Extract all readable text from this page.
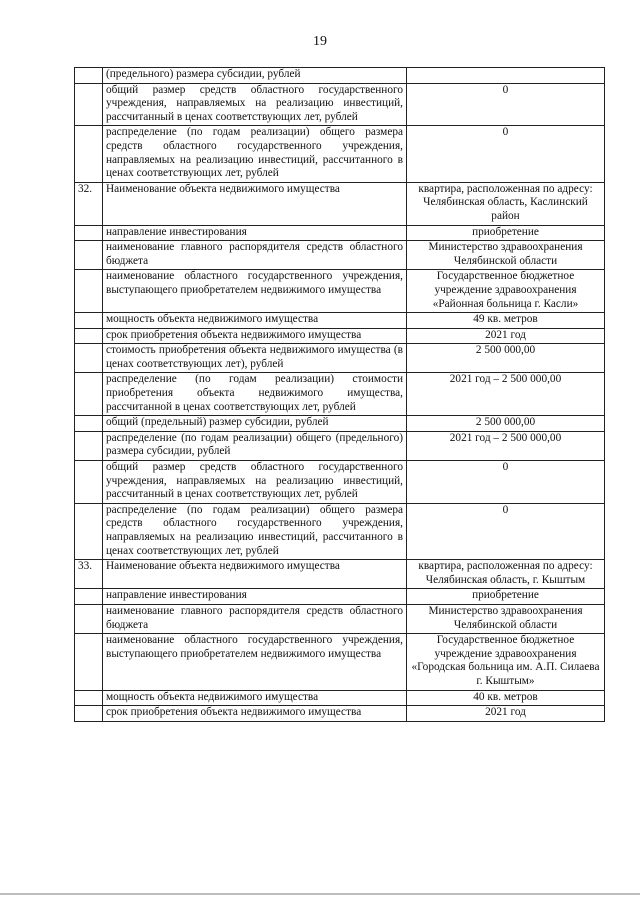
19
	(предельного) размера субсидии, рублей	
	общий размер средств областного государственного учреждения, направляемых на реализацию инвестиций, рассчитанный в ценах соответствующих лет, рублей	0
	распределение (по годам реализации) общего размера средств областного государственного учреждения, направляемых на реализацию инвестиций, рассчитанного в ценах соответствующих лет, рублей	0
32.	Наименование объекта недвижимого имущества	квартира, расположенная по адресу: Челябинская область, Каслинский район
	направление инвестирования	приобретение
	наименование главного распорядителя средств областного бюджета	Министерство здравоохранения Челябинской области
	наименование областного государственного учреждения, выступающего приобретателем недвижимого имущества	Государственное бюджетное учреждение здравоохранения «Районная больница г. Касли»
	мощность объекта недвижимого имущества	49 кв. метров
	срок приобретения объекта недвижимого имущества	2021 год
	стоимость приобретения объекта недвижимого имущества (в ценах соответствующих лет), рублей	2 500 000,00
	распределение (по годам реализации) стоимости приобретения объекта недвижимого имущества, рассчитанной в ценах соответствующих лет, рублей	2021 год – 2 500 000,00
	общий (предельный) размер субсидии, рублей	2 500 000,00
	распределение (по годам реализации) общего (предельного) размера субсидии, рублей	2021 год – 2 500 000,00
	общий размер средств областного государственного учреждения, направляемых на реализацию инвестиций, рассчитанный в ценах соответствующих лет, рублей	0
	распределение (по годам реализации) общего размера средств областного государственного учреждения, направляемых на реализацию инвестиций, рассчитанного в ценах соответствующих лет, рублей	0
33.	Наименование объекта недвижимого имущества	квартира, расположенная по адресу: Челябинская область, г. Кыштым
	направление инвестирования	приобретение
	наименование главного распорядителя средств областного бюджета	Министерство здравоохранения Челябинской области
	наименование областного государственного учреждения, выступающего приобретателем недвижимого имущества	Государственное бюджетное учреждение здравоохранения «Городская больница им. А.П. Силаева г. Кыштым»
	мощность объекта недвижимого имущества	40 кв. метров
	срок приобретения объекта недвижимого имущества	2021 год
